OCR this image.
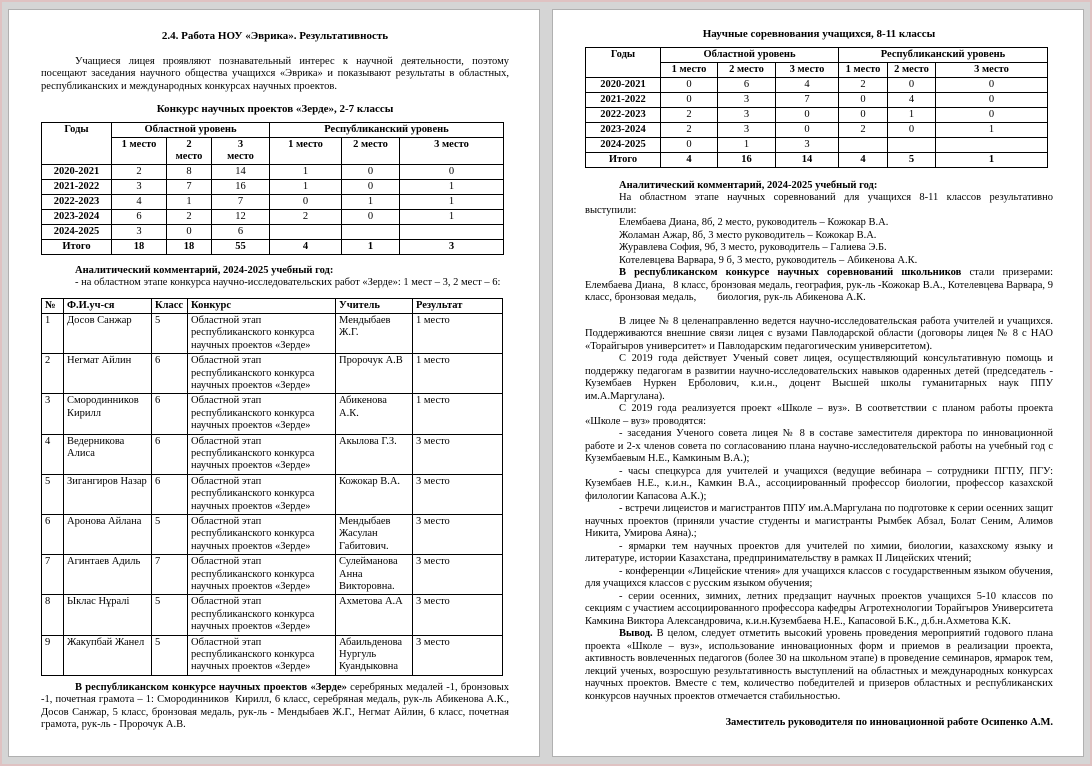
2.4. Работа НОУ «Эврика». Результативность

Учащиеся лицея проявляют познавательный интерес к научной деятельности, поэтому посещают заседания научного общества учащихся «Эврика» и показывают результаты в областных, республиканских и международных конкурсах научных проектов.

Конкурс научных проектов «Зерде», 2-7 классы
Годы	Областной уровень			Республиканский уровень		
	1 место	2 место	3 место	1 место	2 место	3 место
2020-2021	2	8	14	1	0	0
2021-2022	3	7	16	1	0	1
2022-2023	4	1	7	0	1	1
2023-2024	6	2	12	2	0	1
2024-2025	3	0	6			
Итого	18	18	55	4	1	3

Аналитический комментарий, 2024-2025 учебный год:

- на областном этапе конкурса научно-исследовательских работ «Зерде»: 1 мест – 3, 2 мест – 6:

№	Ф.И.уч-ся	Класс	Конкурс	Учитель	Результат
1	Досов Санжар	5	Областной этап республиканского конкурса научных проектов «Зерде»	Мендыбаев Ж.Г.	1 место
2	Негмат Айлин	6	Областной этап республиканского конкурса научных проектов «Зерде»	Пророчук А.В	1 место
3	Смородинников Кирилл	6	Областной этап республиканского конкурса научных проектов «Зерде»	Абикенова А.К.	1 место
4	Ведерникова Алиса	6	Областной этап республиканского конкурса научных проектов «Зерде»	Акылова Г.З.	3 место
5	Зигангиров Назар	6	Областной этап республиканского конкурса научных проектов «Зерде»	Кожокар В.А.	3 место
6	Аронова Айлана	5	Областной этап республиканского конкурса научных проектов «Зерде»	Мендыбаев Жасулан Габитович.	3 место
7	Агинтаев Адиль	7	Областной этап республиканского конкурса научных проектов «Зерде»	Сулейманова Анна Викторовна.	3 место
8	Ыклас Нұралі	5	Областной этап республиканского конкурса научных проектов «Зерде»	Ахметова А.А	3 место
9	Жакупбай Жанел	5	Областной этап республиканского конкурса научных проектов «Зерде»	Абаильденова Нургуль Куандыковна	3 место

В республиканском конкурсе научных проектов «Зерде» серебряных медалей -1, бронзовых -1, почетная грамота – 1: Смородинников  Кирилл, 6 класс, серебряная медаль, рук-ль Абикенова А.К., Досов Санжар, 5 класс, бронзовая медаль, рук-ль - Мендыбаев Ж.Г., Негмат Айлин, 6 класс, почетная грамота, рук-ль - Пророчук А.В.

Научные соревнования учащихся, 8-11 классы
Годы	Областной уровень			Республиканский уровень		
	1 место	2 место	3 место	1 место	2 место	3 место
2020-2021	0	6	4	2	0	0
2021-2022	0	3	7	0	4	0
2022-2023	2	3	0	0	1	0
2023-2024	2	3	0	2	0	1
2024-2025	0	1	3			
Итого	4	16	14	4	5	1

Аналитический комментарий, 2024-2025 учебный год:

На областном этапе научных соревнований для учащихся 8-11 классов результативно выступили:

Елембаева Диана, 8б, 2 место, руководитель – Кожокар В.А.

Жоламан Ажар, 8б, 3 место руководитель – Кожокар В.А.

Журавлева София, 9б, 3 место, руководитель – Галиева Э.Б.

Котелевцева Варвара, 9 б, 3 место, руководитель – Абикенова А.К.

В республиканском конкурсе научных соревнований школьников стали призерами: Елембаева Диана,   8 класс, бронзовая медаль, география, рук-ль -Кожокар В.А., Котелевцева Варвара, 9 класс, бронзовая медаль,        биология, рук-ль Абикенова А.К.

В лицее № 8 целенаправленно ведется научно-исследовательская работа учителей и учащихся. Поддерживаются внешние связи лицея с вузами Павлодарской области (договоры лицея № 8 с НАО «Торайгыров университет» и Павлодарским педагогическим университетом).

С 2019 года действует Ученый совет лицея, осуществляющий консультативную помощь и поддержку педагогам в развитии научно-исследовательских навыков одаренных детей (председатель - Кузембаев Нуркен Ерболович, к.и.н., доцент Высшей школы гуманитарных наук ППУ им.А.Маргулана).

С 2019 года реализуется проект «Школе – вуз». В соответствии с планом работы проекта «Школе – вуз» проводятся:

- заседания Ученого совета лицея № 8 в составе заместителя директора по инновационной работе и 2-х членов совета по согласованию плана научно-исследовательской работы на учебный год с Кузембаевым Н.Е., Камкиным В.А.);

- часы спецкурса для учителей и учащихся (ведущие вебинара – сотрудники ПГПУ, ПГУ: Кузембаев Н.Е., к.и.н., Камкин В.А., ассоциированный профессор биологии, профессор казахской филологии Капасова А.К.);

- встречи лицеистов и магистрантов ППУ им.А.Маргулана по подготовке к серии осенних защит научных проектов (приняли участие студенты и магистранты Рымбек Абзал, Болат Сеним, Алимов Никита, Умирова Аяна).;

- ярмарки тем научных проектов для учителей по химии, биологии, казахскому языку и литературе, истории Казахстана, предпринимательству в рамках II Лицейских чтений;

- конференции «Лицейские чтения» для учащихся классов с государственным языком обучения, для учащихся классов с русским языком обучения;

- серии осенних, зимних, летних предзащит научных проектов учащихся 5-10 классов по секциям с участием ассоциированного профессора кафедры Агротехнологии Торайгыров Университета Камкина Виктора Александровича, к.и.н.Кузембаева Н.Е., Капасовой Б.К., д.б.н.Ахметова К.К.

Вывод. В целом, следует отметить высокий уровень проведения мероприятий годового плана проекта «Школе – вуз», использование инновационных форм и приемов в реализации проекта, активность вовлеченных педагогов (более 30 на школьном этапе) в проведение семинаров, ярмарок тем, лекций ученых, возросшую результативность выступлений на областных и международных конкурсах научных проектов. Вместе с тем, количество победителей и призеров областных и республиканских конкурсов научных проектов отмечается стабильностью.

Заместитель руководителя по инновационной работе Осипенко А.М.
